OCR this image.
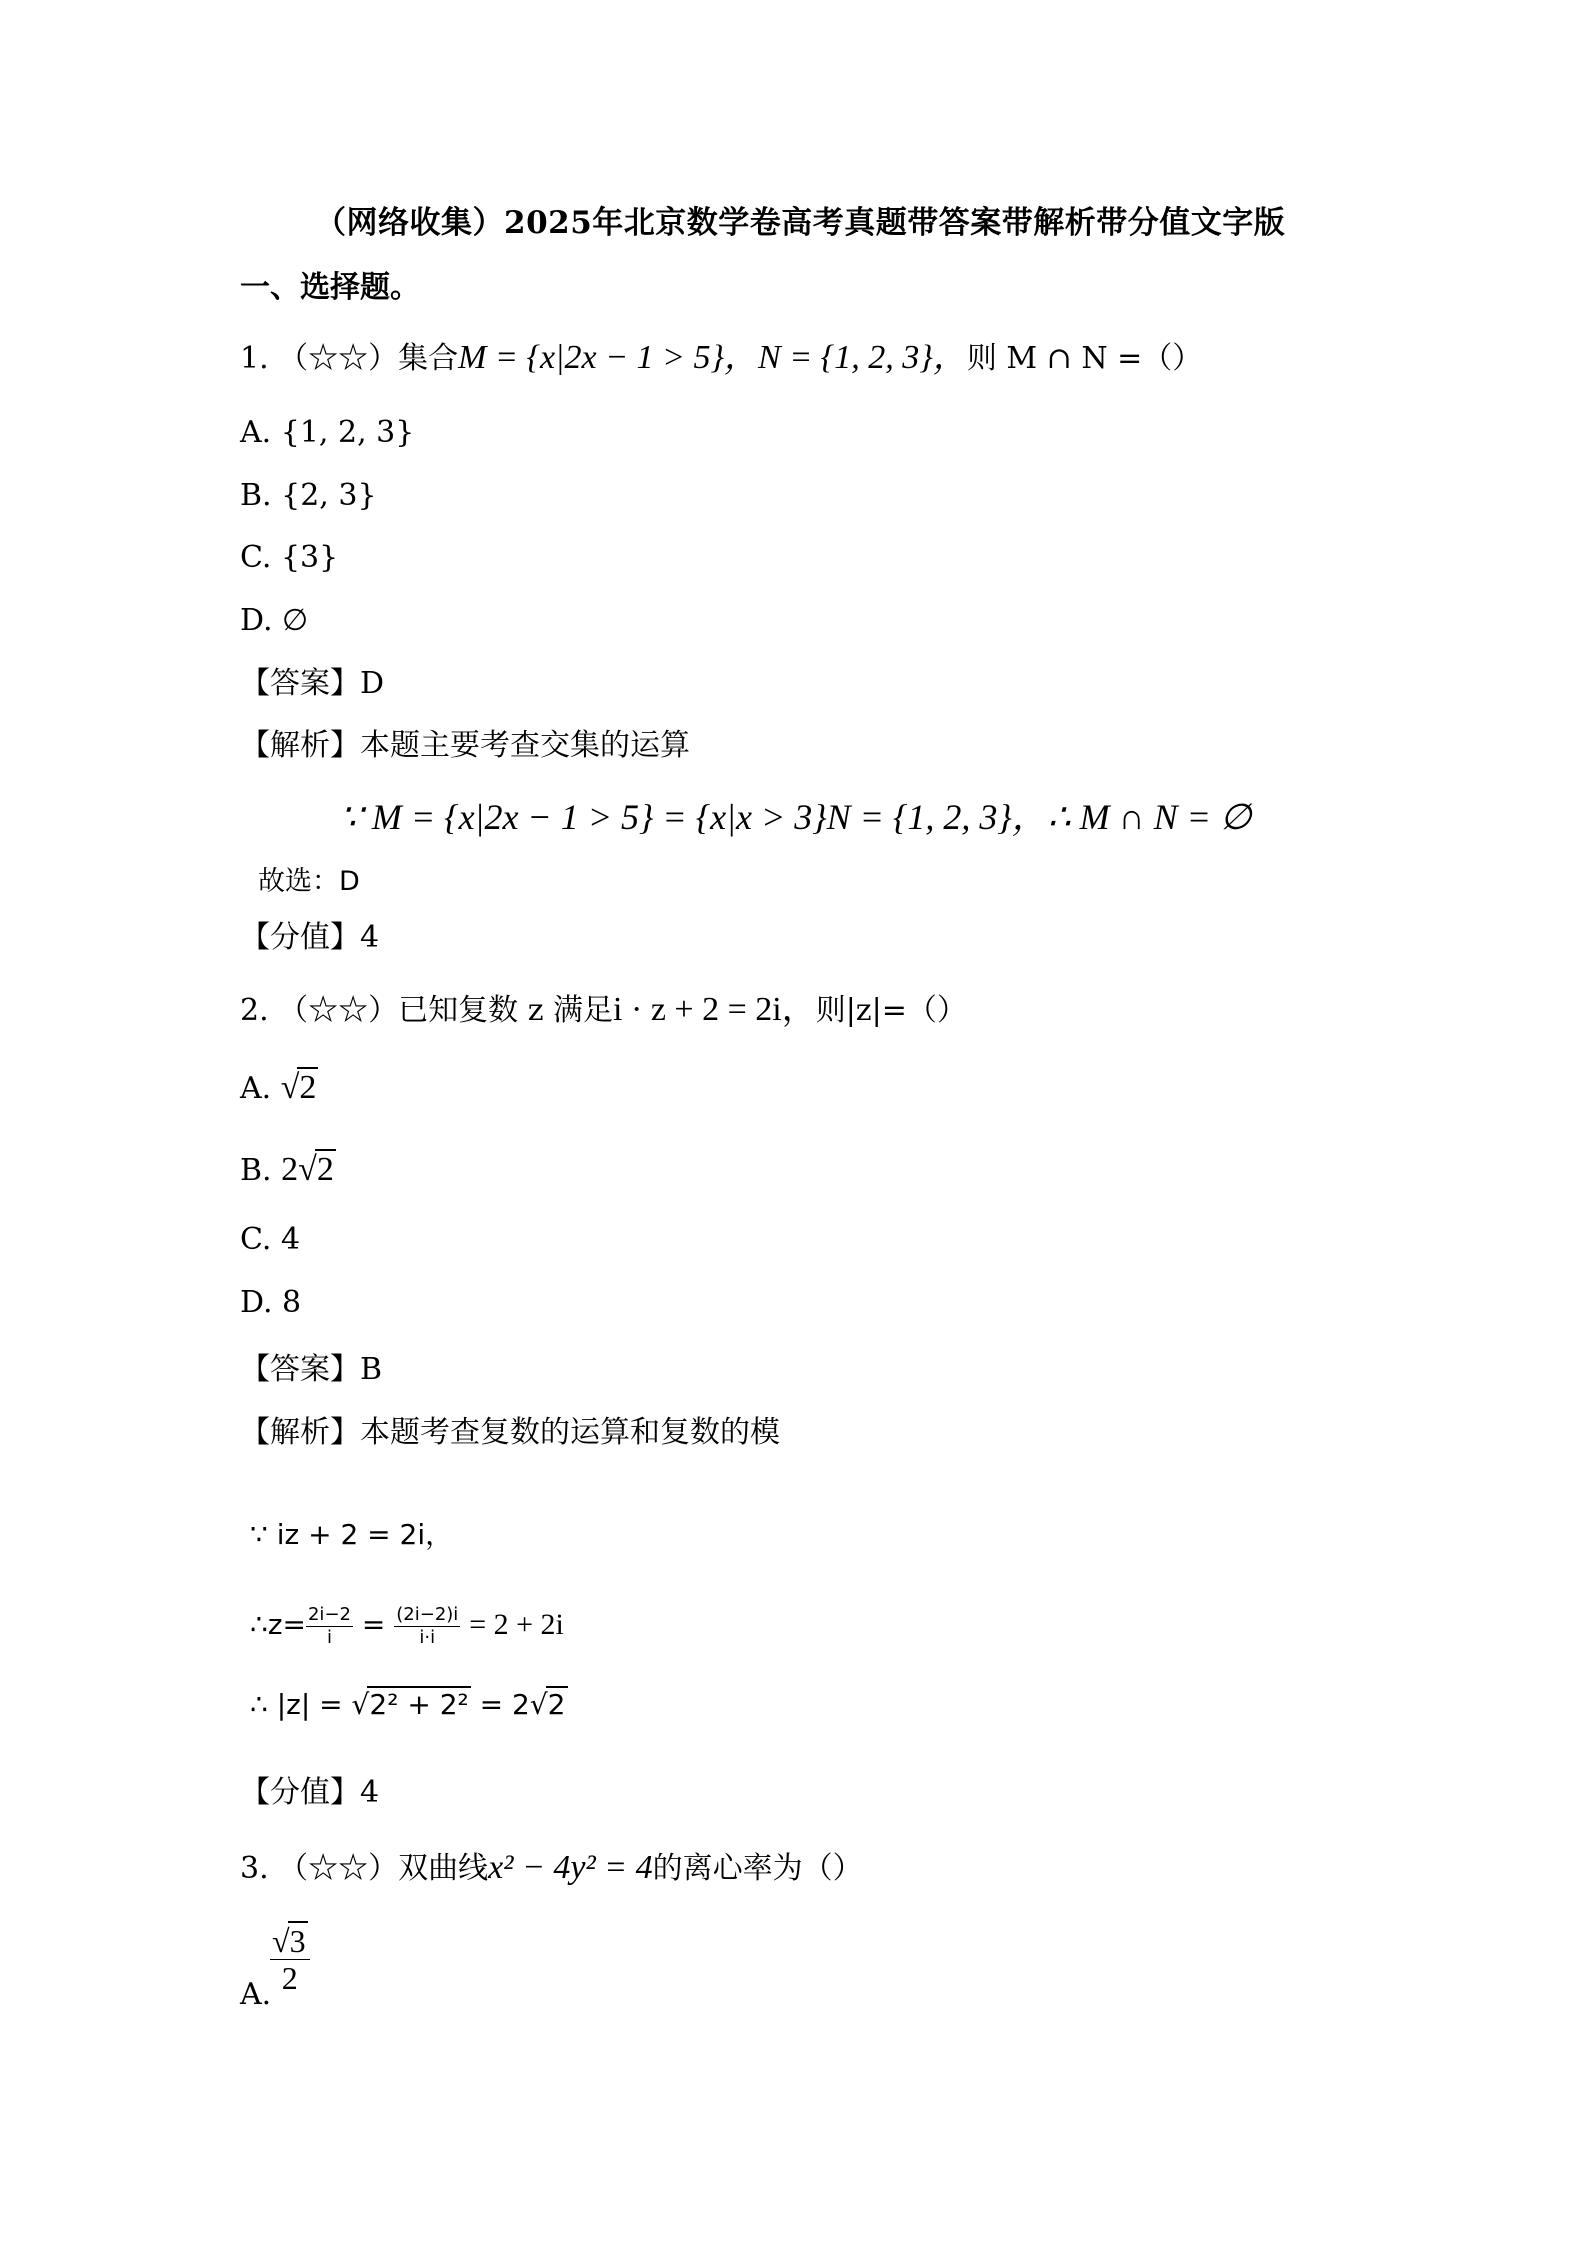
（网络收集）2025年北京数学卷高考真题带答案带解析带分值文字版
一、选择题。
1. （☆☆）集合M = {x|2x − 1 > 5}，N = {1, 2, 3}，则 M ∩ N =（）
A. {1, 2, 3}
B. {2, 3}
C. {3}
D. ∅
【答案】D
【解析】本题主要考查交集的运算
∵ M = {x|2x − 1 > 5} = {x|x > 3}N = {1, 2, 3}，∴ M ∩ N = ∅
故选：D
【分值】4
2. （☆☆）已知复数 z 满足i · z + 2 = 2i，则|z|=（）
A. √2
B. 2√2
C. 4
D. 8
【答案】B
【解析】本题考查复数的运算和复数的模
∵ iz + 2 = 2i，
∴z= $\frac{2i-2}{i} = \frac{(2i-2)i}{i\cdot i} = 2 + 2i$
∴ |z| = √2² + 2² = 2√2
【分值】4
3. （☆☆）双曲线x² − 4y² = 4的离心率为（）
A.
$\frac{√3}{2}$
